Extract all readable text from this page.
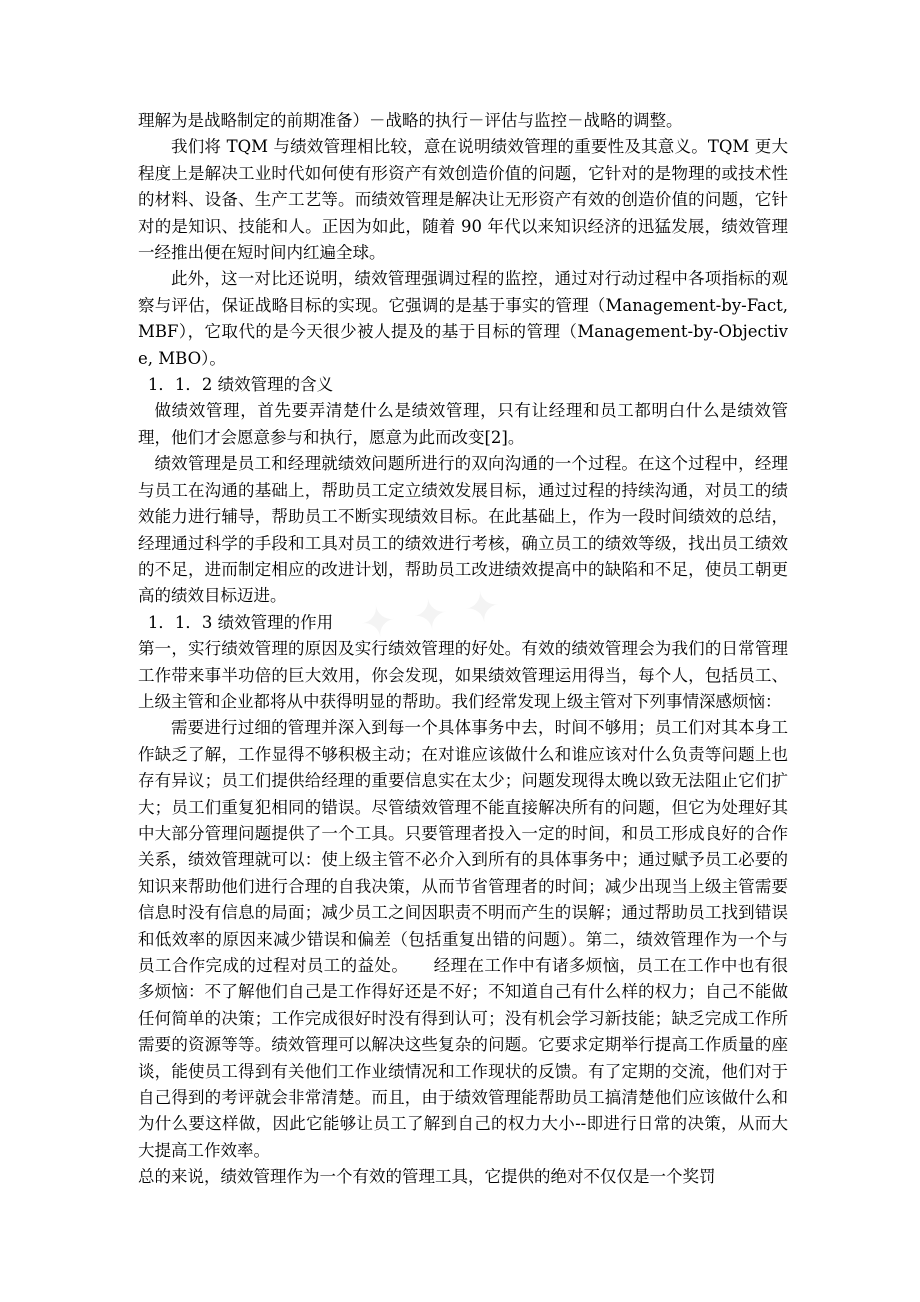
✦ ✦ ✦

理解为是战略制定的前期准备）－战略的执行－评估与监控－战略的调整。

我们将 TQM 与绩效管理相比较，意在说明绩效管理的重要性及其意义。TQM 更大程度上是解决工业时代如何使有形资产有效创造价值的问题，它针对的是物理的或技术性的材料、设备、生产工艺等。而绩效管理是解决让无形资产有效的创造价值的问题，它针对的是知识、技能和人。正因为如此，随着 90 年代以来知识经济的迅猛发展，绩效管理一经推出便在短时间内红遍全球。

此外，这一对比还说明，绩效管理强调过程的监控，通过对行动过程中各项指标的观察与评估，保证战略目标的实现。它强调的是基于事实的管理（Management-by-Fact, MBF），它取代的是今天很少被人提及的基于目标的管理（Management-by-Objective, MBO）。

1．1．2 绩效管理的含义

做绩效管理，首先要弄清楚什么是绩效管理，只有让经理和员工都明白什么是绩效管理，他们才会愿意参与和执行，愿意为此而改变[2]。

绩效管理是员工和经理就绩效问题所进行的双向沟通的一个过程。在这个过程中，经理与员工在沟通的基础上，帮助员工定立绩效发展目标，通过过程的持续沟通，对员工的绩效能力进行辅导，帮助员工不断实现绩效目标。在此基础上，作为一段时间绩效的总结，经理通过科学的手段和工具对员工的绩效进行考核，确立员工的绩效等级，找出员工绩效的不足，进而制定相应的改进计划，帮助员工改进绩效提高中的缺陷和不足，使员工朝更高的绩效目标迈进。

1．1．3 绩效管理的作用

第一，实行绩效管理的原因及实行绩效管理的好处。有效的绩效管理会为我们的日常管理工作带来事半功倍的巨大效用，你会发现，如果绩效管理运用得当，每个人，包括员工、上级主管和企业都将从中获得明显的帮助。我们经常发现上级主管对下列事情深感烦恼：

需要进行过细的管理并深入到每一个具体事务中去，时间不够用；员工们对其本身工作缺乏了解，工作显得不够积极主动；在对谁应该做什么和谁应该对什么负责等问题上也存有异议；员工们提供给经理的重要信息实在太少；问题发现得太晚以致无法阻止它们扩大；员工们重复犯相同的错误。尽管绩效管理不能直接解决所有的问题，但它为处理好其中大部分管理问题提供了一个工具。只要管理者投入一定的时间，和员工形成良好的合作关系，绩效管理就可以：使上级主管不必介入到所有的具体事务中；通过赋予员工必要的知识来帮助他们进行合理的自我决策，从而节省管理者的时间；减少出现当上级主管需要信息时没有信息的局面；减少员工之间因职责不明而产生的误解；通过帮助员工找到错误和低效率的原因来减少错误和偏差（包括重复出错的问题）。第二，绩效管理作为一个与员工合作完成的过程对员工的益处。　　经理在工作中有诸多烦恼，员工在工作中也有很多烦恼：不了解他们自己是工作得好还是不好；不知道自己有什么样的权力；自己不能做任何简单的决策；工作完成很好时没有得到认可；没有机会学习新技能；缺乏完成工作所需要的资源等等。绩效管理可以解决这些复杂的问题。它要求定期举行提高工作质量的座谈，能使员工得到有关他们工作业绩情况和工作现状的反馈。有了定期的交流，他们对于自己得到的考评就会非常清楚。而且，由于绩效管理能帮助员工搞清楚他们应该做什么和为什么要这样做，因此它能够让员工了解到自己的权力大小--即进行日常的决策，从而大大提高工作效率。

总的来说，绩效管理作为一个有效的管理工具，它提供的绝对不仅仅是一个奖罚
